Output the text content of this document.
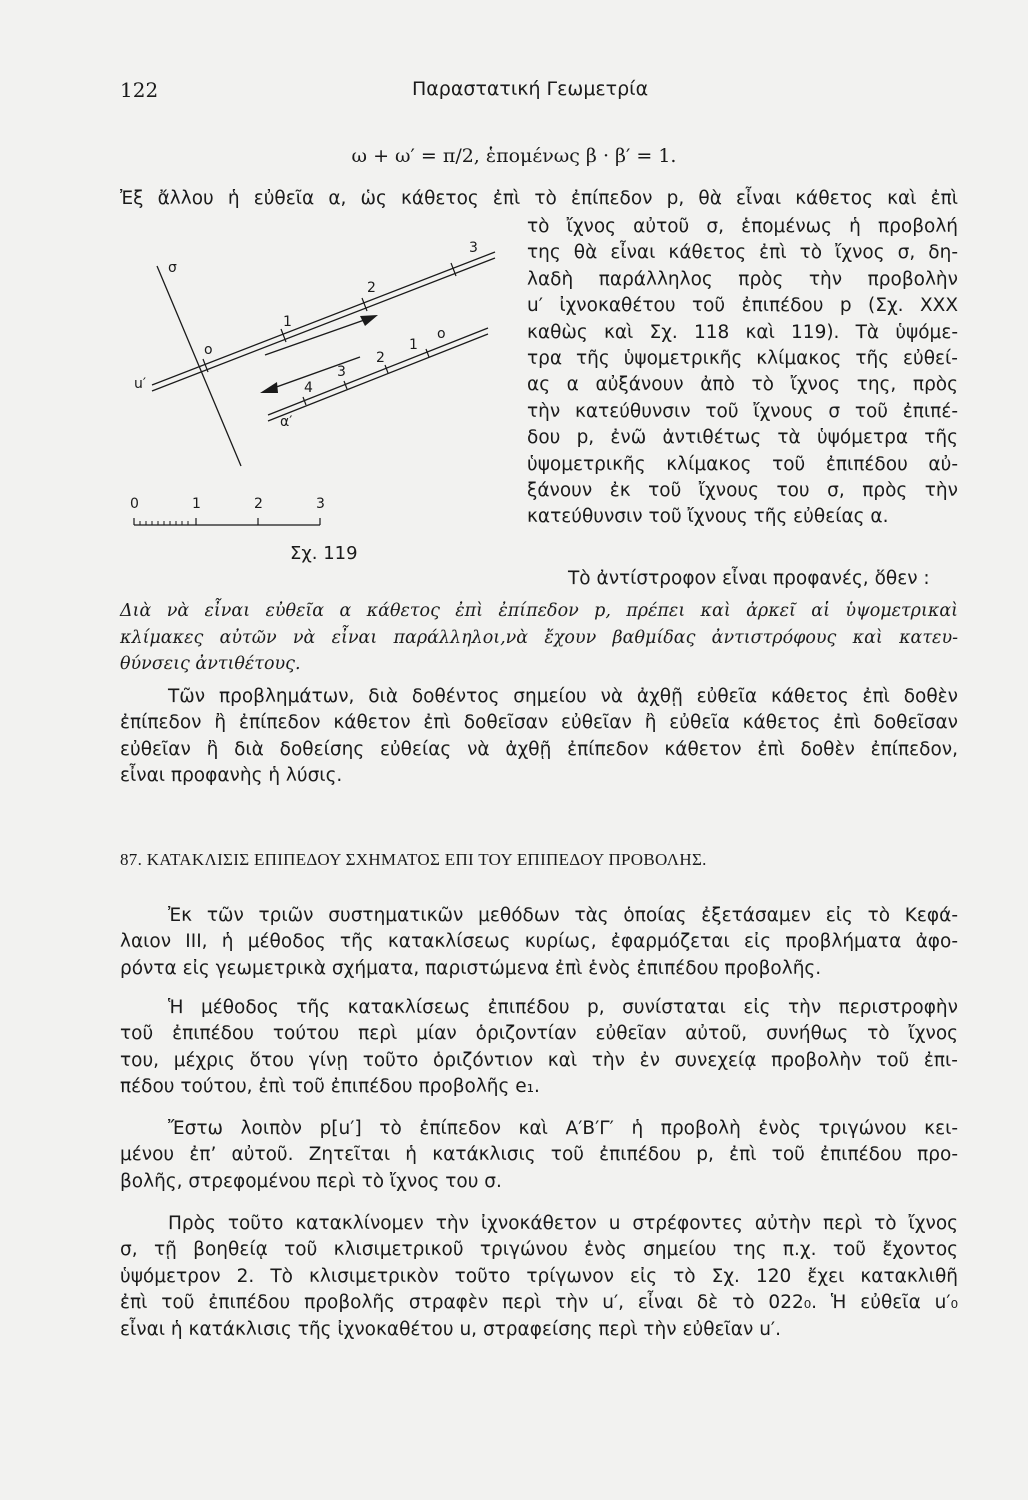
122	Παραστατική Γεωμετρία
ω + ω′ = π/2, ἑπομένως β · β′ = 1.
Ἐξ ἄλλου ἡ εὐθεῖα α, ὡς κάθετος ἐπὶ τὸ ἐπίπεδον p, θὰ εἶναι κάθετος καὶ ἐπὶ
τὸ ἴχνος αὐτοῦ σ, ἑπομένως ἡ προβολή
της θὰ εἶναι κάθετος ἐπὶ τὸ ἴχνος σ, δη-
λαδὴ παράλληλος πρὸς τὴν προβολὴν
u′ ἰχνοκαθέτου τοῦ ἐπιπέδου p (Σχ. XXX
καθὼς καὶ Σχ. 118 καὶ 119). Τὰ ὑψόμε-
τρα τῆς ὑψομετρικῆς κλίμακος τῆς εὐθεί-
ας α αὐξάνουν ἀπὸ τὸ ἴχνος της, πρὸς
τὴν κατεύθυνσιν τοῦ ἴχνους σ τοῦ ἐπιπέ-
δου p, ἐνῶ ἀντιθέτως τὰ ὑψόμετρα τῆς
ὑψομετρικῆς κλίμακος τοῦ ἐπιπέδου αὐ-
ξάνουν ἐκ τοῦ ἴχνους του σ, πρὸς τὴν
κατεύθυνσιν τοῦ ἴχνους τῆς εὐθείας α.
σ
u′
α′
o
1
2
3
o
1
2
3
4
0	1	2	3
Σχ. 119
Τὸ ἀντίστροφον εἶναι προφανές, ὅθεν :
Διὰ νὰ εἶναι εὐθεῖα α κάθετος ἐπὶ ἐπίπεδον p, πρέπει καὶ ἀρκεῖ αἱ ὑψομετρικαὶ
κλίμακες αὐτῶν νὰ εἶναι παράλληλοι,νὰ ἔχουν βαθμίδας ἀντιστρόφους καὶ κατευ-
θύνσεις ἀντιθέτους.
Τῶν προβλημάτων, διὰ δοθέντος σημείου νὰ ἀχθῇ εὐθεῖα κάθετος ἐπὶ δοθὲν
ἐπίπεδον ἢ ἐπίπεδον κάθετον ἐπὶ δοθεῖσαν εὐθεῖαν ἢ εὐθεῖα κάθετος ἐπὶ δοθεῖσαν
εὐθεῖαν ἢ διὰ δοθείσης εὐθείας νὰ ἀχθῇ ἐπίπεδον κάθετον ἐπὶ δοθὲν ἐπίπεδον,
εἶναι προφανὴς ἡ λύσις.
87. ΚΑΤΑΚΛΙΣΙΣ ΕΠΙΠΕΔΟΥ ΣΧΗΜΑΤΟΣ ΕΠΙ ΤΟΥ ΕΠΙΠΕΔΟΥ ΠΡΟΒΟΛΗΣ.
Ἐκ τῶν τριῶν συστηματικῶν μεθόδων τὰς ὁποίας ἐξετάσαμεν εἰς τὸ Κεφά-
λαιον III, ἡ μέθοδος τῆς κατακλίσεως κυρίως, ἐφαρμόζεται εἰς προβλήματα ἀφο-
ρόντα εἰς γεωμετρικὰ σχήματα, παριστώμενα ἐπὶ ἑνὸς ἐπιπέδου προβολῆς.
Ἡ μέθοδος τῆς κατακλίσεως ἐπιπέδου p, συνίσταται εἰς τὴν περιστροφὴν
τοῦ ἐπιπέδου τούτου περὶ μίαν ὁριζοντίαν εὐθεῖαν αὐτοῦ, συνήθως τὸ ἴχνος
του, μέχρις ὅτου γίνῃ τοῦτο ὁριζόντιον καὶ τὴν ἐν συνεχείᾳ προβολὴν τοῦ ἐπι-
πέδου τούτου, ἐπὶ τοῦ ἐπιπέδου προβολῆς e₁.
Ἔστω λοιπὸν p[u′] τὸ ἐπίπεδον καὶ Α′Β′Γ′ ἡ προβολὴ ἑνὸς τριγώνου κει-
μένου ἐπ’ αὐτοῦ. Ζητεῖται ἡ κατάκλισις τοῦ ἐπιπέδου p, ἐπὶ τοῦ ἐπιπέδου προ-
βολῆς, στρεφομένου περὶ τὸ ἴχνος του σ.
Πρὸς τοῦτο κατακλίνομεν τὴν ἰχνοκάθετον u στρέφοντες αὐτὴν περὶ τὸ ἴχνος
σ, τῇ βοηθείᾳ τοῦ κλισιμετρικοῦ τριγώνου ἑνὸς σημείου της π.χ. τοῦ ἔχοντος
ὑψόμετρον 2. Τὸ κλισιμετρικὸν τοῦτο τρίγωνον εἰς τὸ Σχ. 120 ἔχει κατακλιθῆ
ἐπὶ τοῦ ἐπιπέδου προβολῆς στραφὲν περὶ τὴν u′, εἶναι δὲ τὸ 022₀. Ἡ εὐθεῖα u′₀
εἶναι ἡ κατάκλισις τῆς ἰχνοκαθέτου u, στραφείσης περὶ τὴν εὐθεῖαν u′.
